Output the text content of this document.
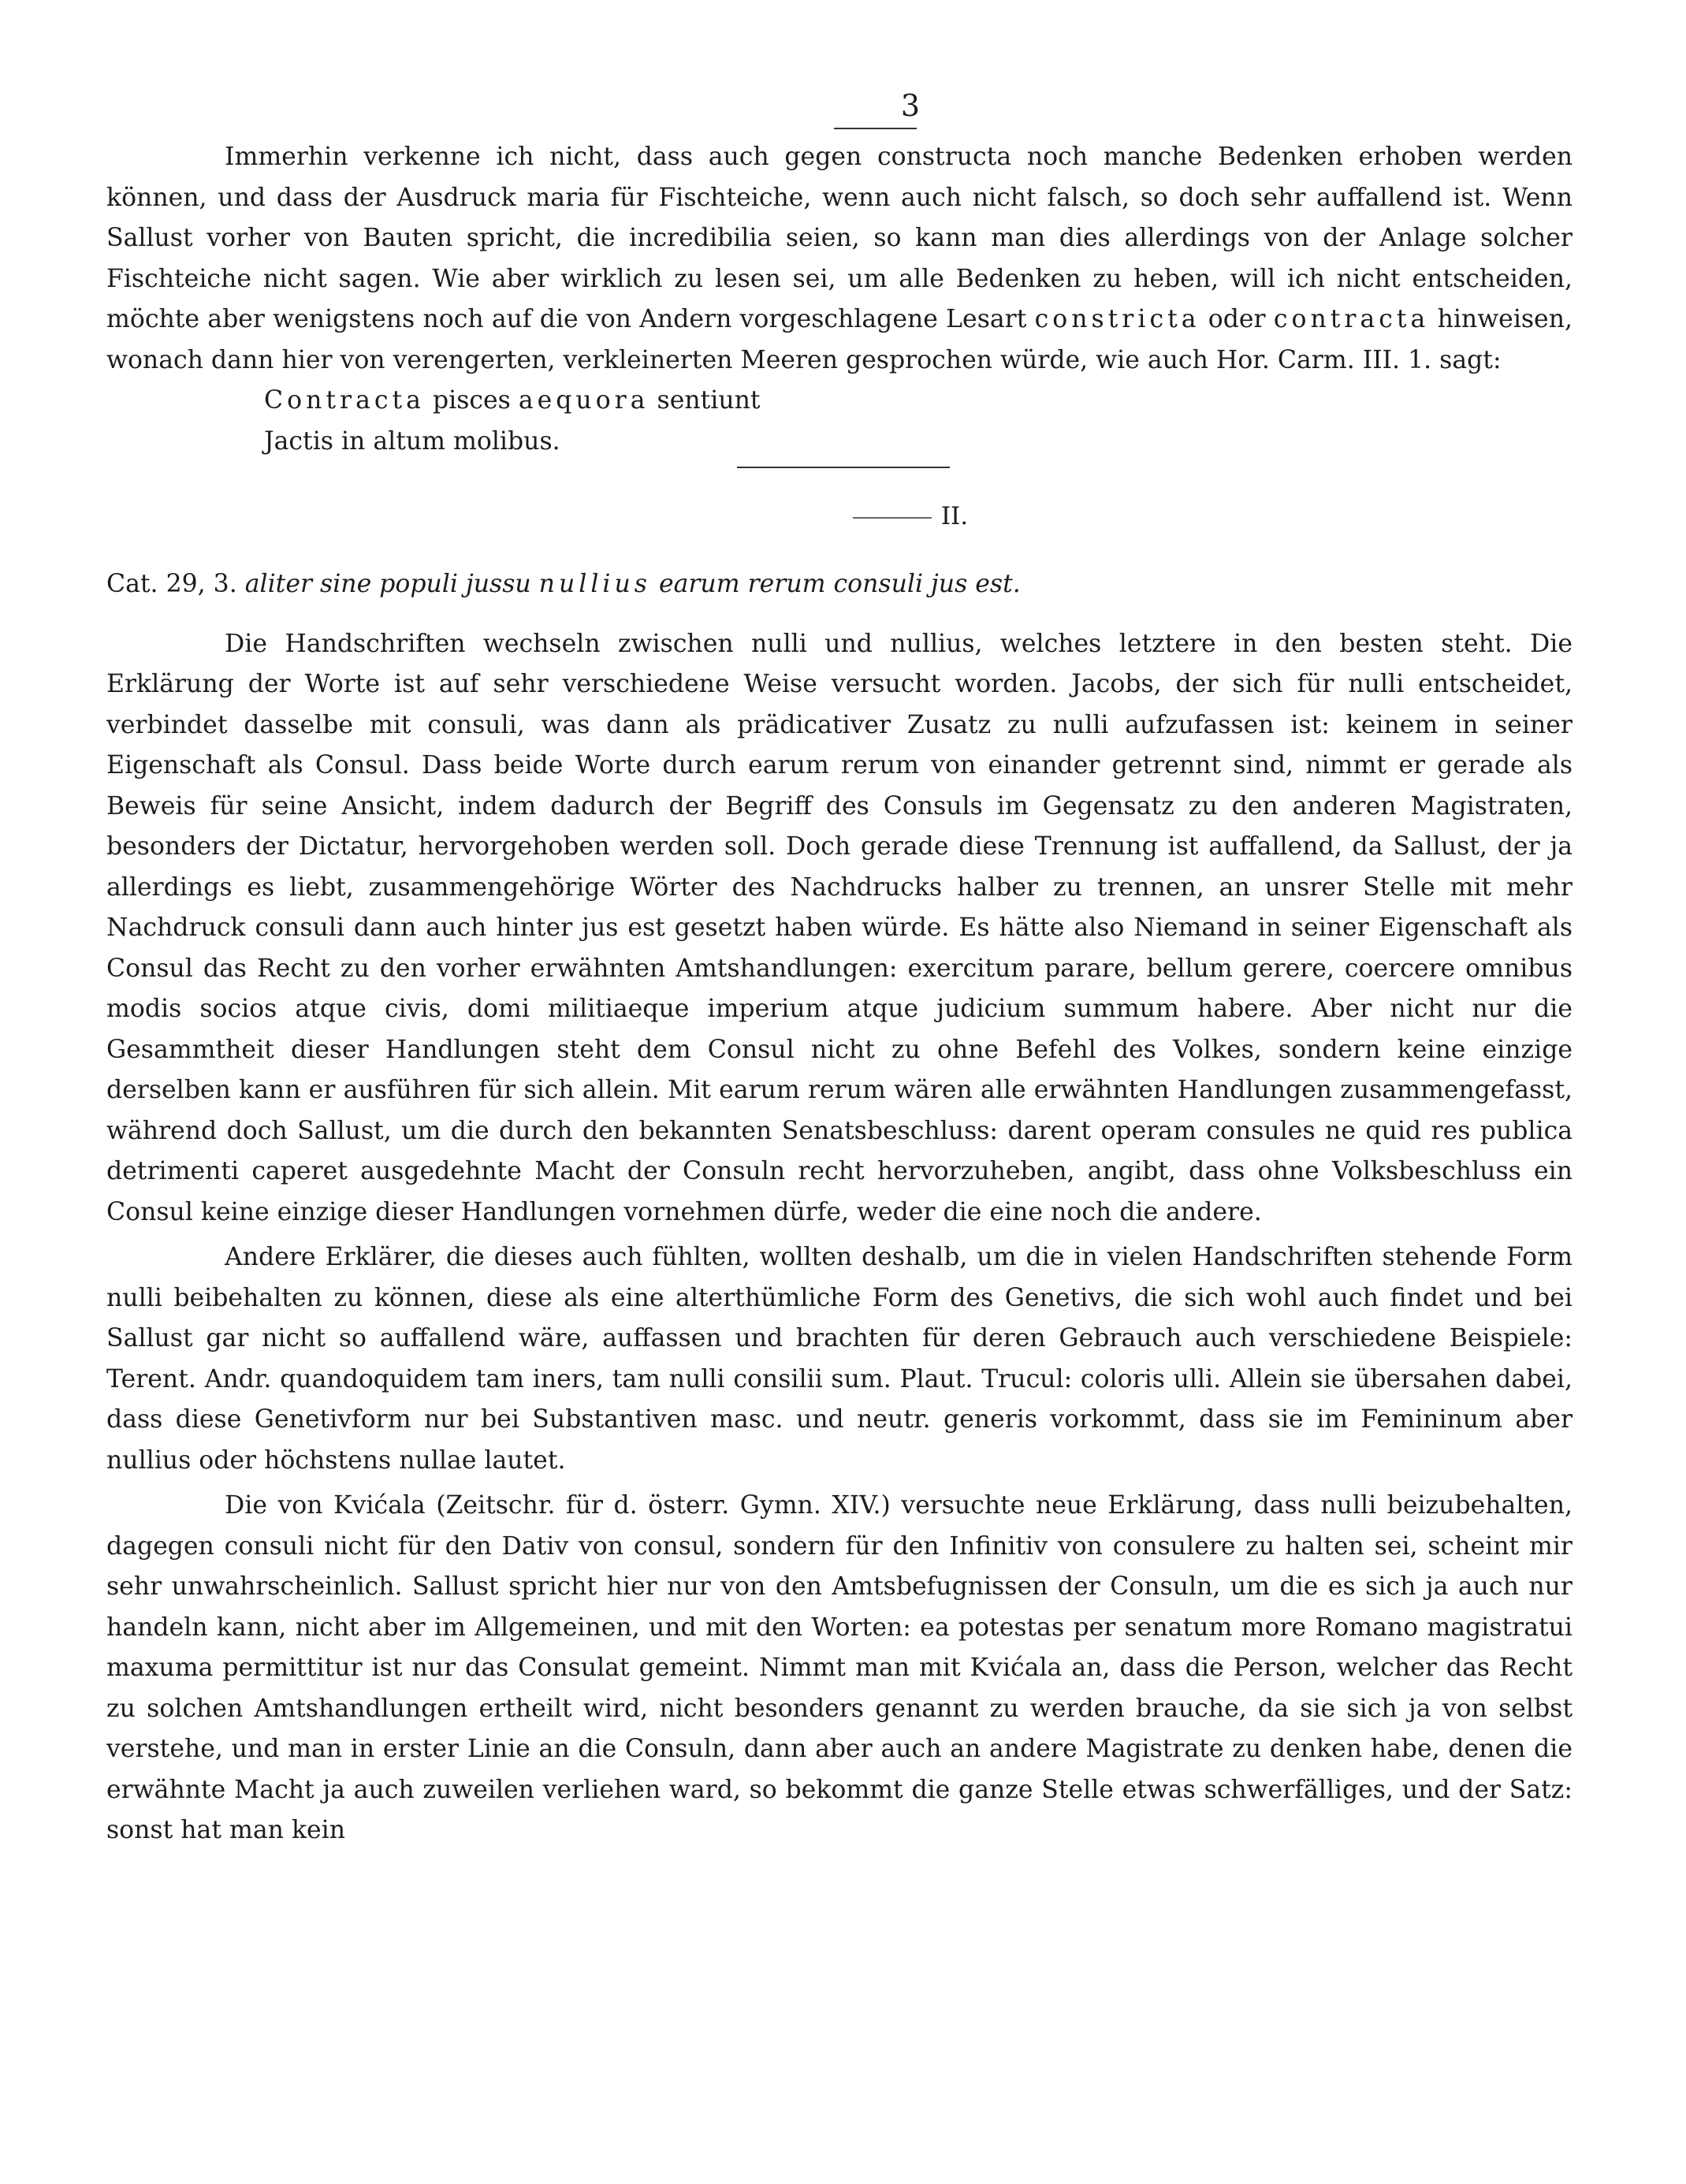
3

Immerhin verkenne ich nicht, dass auch gegen constructa noch manche Bedenken erhoben werden können, und dass der Ausdruck maria für Fischteiche, wenn auch nicht falsch, so doch sehr auffallend ist. Wenn Sallust vorher von Bauten spricht, die incredibilia seien, so kann man dies allerdings von der Anlage solcher Fischteiche nicht sagen. Wie aber wirklich zu lesen sei, um alle Bedenken zu heben, will ich nicht entscheiden, möchte aber wenigstens noch auf die von Andern vorgeschlagene Lesart constricta oder contracta hinweisen, wonach dann hier von verengerten, verkleinerten Meeren gesprochen würde, wie auch Hor. Carm. III. 1. sagt:

Contracta pisces aequora sentiunt
Jactis in altum molibus.
II.
Cat. 29, 3. aliter sine populi jussu nullius earum rerum consuli jus est.

Die Handschriften wechseln zwischen nulli und nullius, welches letztere in den besten steht. Die Erklärung der Worte ist auf sehr verschiedene Weise versucht worden. Jacobs, der sich für nulli entscheidet, verbindet dasselbe mit consuli, was dann als prädicativer Zusatz zu nulli aufzufassen ist: keinem in seiner Eigenschaft als Consul. Dass beide Worte durch earum rerum von einander getrennt sind, nimmt er gerade als Beweis für seine Ansicht, indem dadurch der Begriff des Consuls im Gegensatz zu den anderen Magistraten, besonders der Dictatur, hervorgehoben werden soll. Doch gerade diese Trennung ist auffallend, da Sallust, der ja allerdings es liebt, zusammengehörige Wörter des Nachdrucks halber zu trennen, an unsrer Stelle mit mehr Nachdruck consuli dann auch hinter jus est gesetzt haben würde. Es hätte also Niemand in seiner Eigenschaft als Consul das Recht zu den vorher erwähnten Amtshandlungen: exercitum parare, bellum gerere, coercere omnibus modis socios atque civis, domi militiaeque imperium atque judicium summum habere. Aber nicht nur die Gesammtheit dieser Handlungen steht dem Consul nicht zu ohne Befehl des Volkes, sondern keine einzige derselben kann er ausführen für sich allein. Mit earum rerum wären alle erwähnten Handlungen zusammengefasst, während doch Sallust, um die durch den bekannten Senatsbeschluss: darent operam consules ne quid res publica detrimenti caperet ausgedehnte Macht der Consuln recht hervorzuheben, angibt, dass ohne Volksbeschluss ein Consul keine einzige dieser Handlungen vornehmen dürfe, weder die eine noch die andere.

Andere Erklärer, die dieses auch fühlten, wollten deshalb, um die in vielen Handschriften stehende Form nulli beibehalten zu können, diese als eine alterthümliche Form des Genetivs, die sich wohl auch findet und bei Sallust gar nicht so auffallend wäre, auffassen und brachten für deren Gebrauch auch verschiedene Beispiele: Terent. Andr. quandoquidem tam iners, tam nulli consilii sum. Plaut. Trucul: coloris ulli. Allein sie übersahen dabei, dass diese Genetivform nur bei Substantiven masc. und neutr. generis vorkommt, dass sie im Femininum aber nullius oder höchstens nullae lautet.

Die von Kvićala (Zeitschr. für d. österr. Gymn. XIV.) versuchte neue Erklärung, dass nulli beizubehalten, dagegen consuli nicht für den Dativ von consul, sondern für den Infinitiv von consulere zu halten sei, scheint mir sehr unwahrscheinlich. Sallust spricht hier nur von den Amtsbefugnissen der Consuln, um die es sich ja auch nur handeln kann, nicht aber im Allgemeinen, und mit den Worten: ea potestas per senatum more Romano magistratui maxuma permittitur ist nur das Consulat gemeint. Nimmt man mit Kvićala an, dass die Person, welcher das Recht zu solchen Amtshandlungen ertheilt wird, nicht besonders genannt zu werden brauche, da sie sich ja von selbst verstehe, und man in erster Linie an die Consuln, dann aber auch an andere Magistrate zu denken habe, denen die erwähnte Macht ja auch zuweilen verliehen ward, so bekommt die ganze Stelle etwas schwerfälliges, und der Satz: sonst hat man kein
